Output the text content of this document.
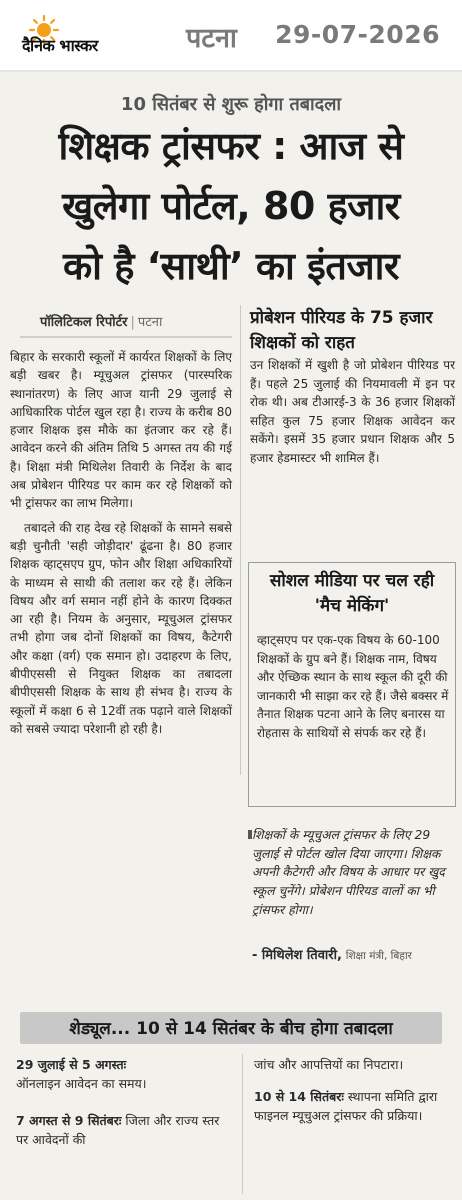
दैनिक भास्कर	पटना 29-07-2026
10 सितंबर से शुरू होगा तबादला
शिक्षक ट्रांसफर : आज से
खुलेगा पोर्टल, 80 हजार
को है ‘साथी’ का इंतजार
पॉलिटिकल रिपोर्टर | पटना

बिहार के सरकारी स्कूलों में कार्यरत शिक्षकों के लिए बड़ी खबर है। म्यूचुअल ट्रांसफर (पारस्परिक स्थानांतरण) के लिए आज यानी 29 जुलाई से आधिकारिक पोर्टल खुल रहा है। राज्य के करीब 80 हजार शिक्षक इस मौके का इंतजार कर रहे हैं। आवेदन करने की अंतिम तिथि 5 अगस्त तय की गई है। शिक्षा मंत्री मिथिलेश तिवारी के निर्देश के बाद अब प्रोबेशन पीरियड पर काम कर रहे शिक्षकों को भी ट्रांसफर का लाभ मिलेगा।

तबादले की राह देख रहे शिक्षकों के सामने सबसे बड़ी चुनौती 'सही जोड़ीदार' ढूंढना है। 80 हजार शिक्षक व्हाट्सएप ग्रुप, फोन और शिक्षा अधिकारियों के माध्यम से साथी की तलाश कर रहे हैं। लेकिन विषय और वर्ग समान नहीं होने के कारण दिक्कत आ रही है। नियम के अनुसार, म्यूचुअल ट्रांसफर तभी होगा जब दोनों शिक्षकों का विषय, कैटेगरी और कक्षा (वर्ग) एक समान हो। उदाहरण के लिए, बीपीएससी से नियुक्त शिक्षक का तबादला बीपीएससी शिक्षक के साथ ही संभव है। राज्य के स्कूलों में कक्षा 6 से 12वीं तक पढ़ाने वाले शिक्षकों को सबसे ज्यादा परेशानी हो रही है।

प्रोबेशन पीरियड के 75 हजार शिक्षकों को राहत
उन शिक्षकों में खुशी है जो प्रोबेशन पीरियड पर हैं। पहले 25 जुलाई की नियमावली में इन पर रोक थी। अब टीआरई-3 के 36 हजार शिक्षकों सहित कुल 75 हजार शिक्षक आवेदन कर सकेंगे। इसमें 35 हजार प्रधान शिक्षक और 5 हजार हेडमास्टर भी शामिल हैं।
सोशल मीडिया पर चल रही 'मैच मेकिंग'
व्हाट्सएप पर एक-एक विषय के 60-100 शिक्षकों के ग्रुप बने हैं। शिक्षक नाम, विषय और ऐच्छिक स्थान के साथ स्कूल की दूरी की जानकारी भी साझा कर रहे हैं। जैसे बक्सर में तैनात शिक्षक पटना आने के लिए बनारस या रोहतास के साथियों से संपर्क कर रहे हैं।
शिक्षकों के म्यूचुअल ट्रांसफर के लिए 29 जुलाई से पोर्टल खोल दिया जाएगा। शिक्षक अपनी कैटेगरी और विषय के आधार पर खुद स्कूल चुनेंगे। प्रोबेशन पीरियड वालों का भी ट्रांसफर होगा।
- मिथिलेश तिवारी, शिक्षा मंत्री, बिहार
शेड्यूल... 10 से 14 सितंबर के बीच होगा तबादला
29 जुलाई से 5 अगस्तः
ऑनलाइन आवेदन का समय।
7 अगस्त से 9 सितंबरः जिला और राज्य स्तर पर आवेदनों की
जांच और आपत्तियों का निपटारा।
10 से 14 सितंबरः स्थापना समिति द्वारा फाइनल म्यूचुअल ट्रांसफर की प्रक्रिया।
